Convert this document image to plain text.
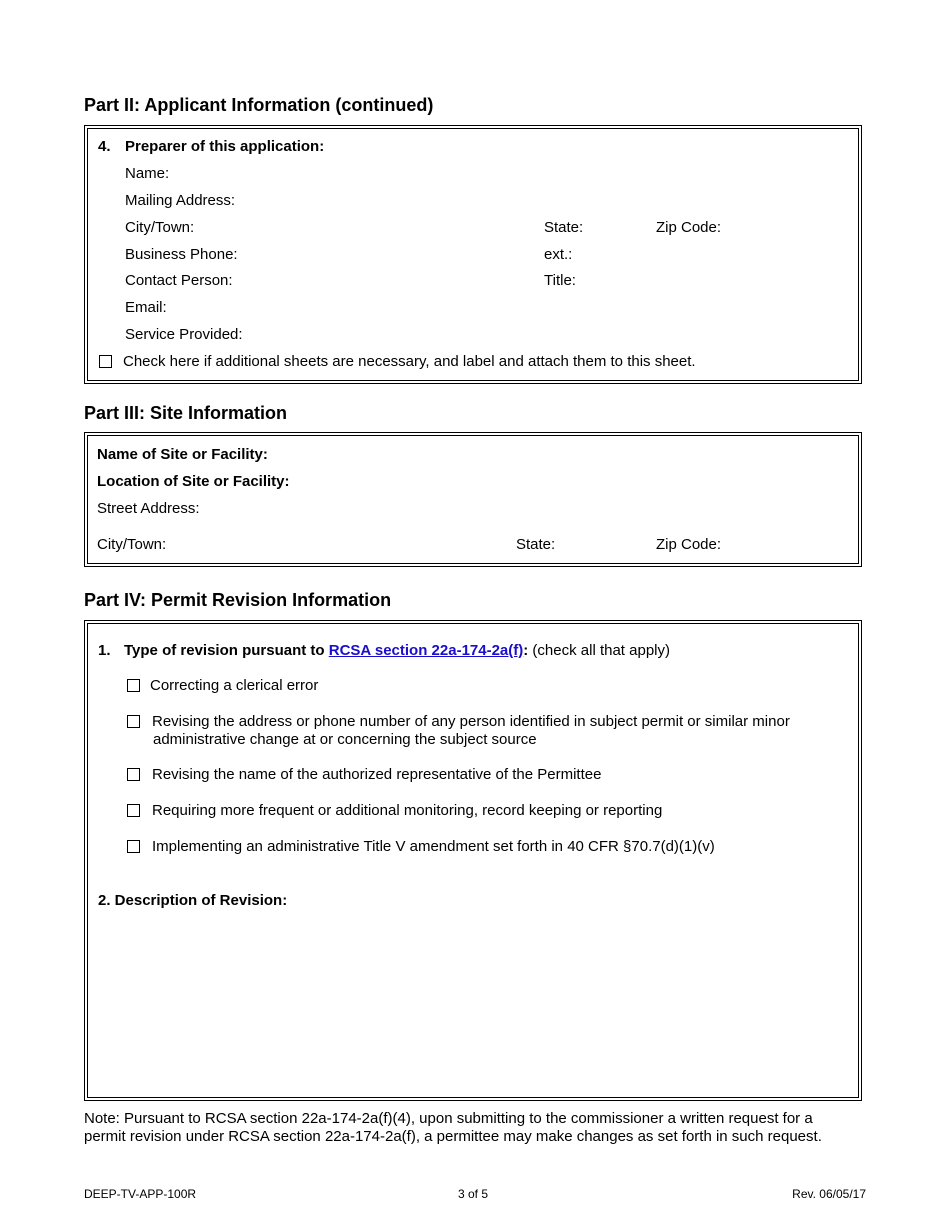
Part II: Applicant Information (continued)
4. Preparer of this application:
Name:
Mailing Address:
City/Town:	State:	Zip Code:
Business Phone:	ext.:
Contact Person:	Title:
Email:
Service Provided:
Check here if additional sheets are necessary, and label and attach them to this sheet.
Part III: Site Information
Name of Site or Facility:
Location of Site or Facility:
Street Address:
City/Town:	State:	Zip Code:
Part IV: Permit Revision Information
1. Type of revision pursuant to RCSA section 22a-174-2a(f): (check all that apply)
Correcting a clerical error
Revising the address or phone number of any person identified in subject permit or similar minor
administrative change at or concerning the subject source
Revising the name of the authorized representative of the Permittee
Requiring more frequent or additional monitoring, record keeping or reporting
Implementing an administrative Title V amendment set forth in 40 CFR §70.7(d)(1)(v)
2. Description of Revision:
Note: Pursuant to RCSA section 22a-174-2a(f)(4), upon submitting to the commissioner a written request for a
permit revision under RCSA section 22a-174-2a(f), a permittee may make changes as set forth in such request.
DEEP-TV-APP-100R	3 of 5	Rev. 06/05/17
